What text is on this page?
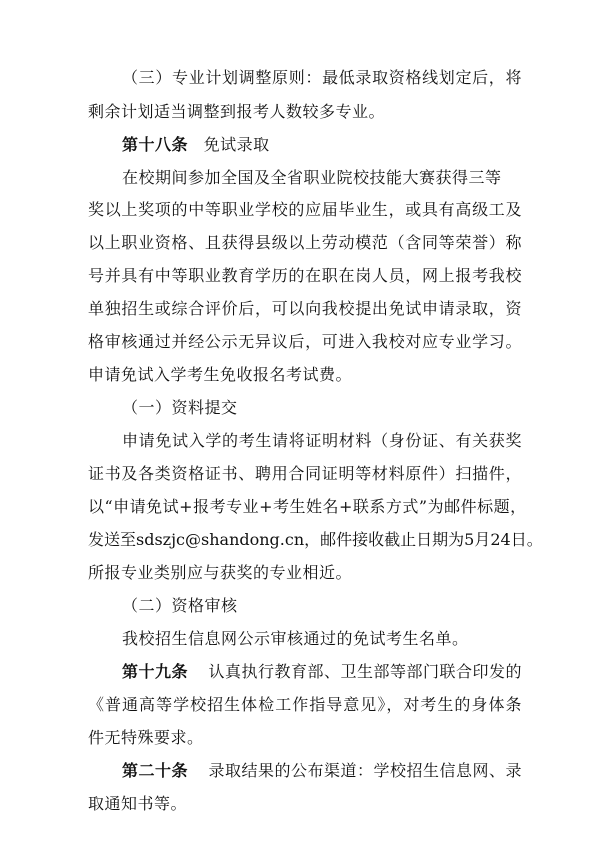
（三）专业计划调整原则：最低录取资格线划定后，将
剩余计划适当调整到报考人数较多专业。
第十八条 免试录取
在校期间参加全国及全省职业院校技能大赛获得三等
奖以上奖项的中等职业学校的应届毕业生，或具有高级工及
以上职业资格、且获得县级以上劳动模范（含同等荣誉）称
号并具有中等职业教育学历的在职在岗人员，网上报考我校
单独招生或综合评价后，可以向我校提出免试申请录取，资
格审核通过并经公示无异议后，可进入我校对应专业学习。
申请免试入学考生免收报名考试费。
（一）资料提交
申请免试入学的考生请将证明材料（身份证、有关获奖
证书及各类资格证书、聘用合同证明等材料原件）扫描件，
以“申请免试+报考专业+考生姓名+联系方式”为邮件标题，
发送至sdszjc@shandong.cn，邮件接收截止日期为5月24日。
所报专业类别应与获奖的专业相近。
（二）资格审核
我校招生信息网公示审核通过的免试考生名单。
第十九条 认真执行教育部、卫生部等部门联合印发的
《普通高等学校招生体检工作指导意见》，对考生的身体条
件无特殊要求。
第二十条 录取结果的公布渠道：学校招生信息网、录
取通知书等。
